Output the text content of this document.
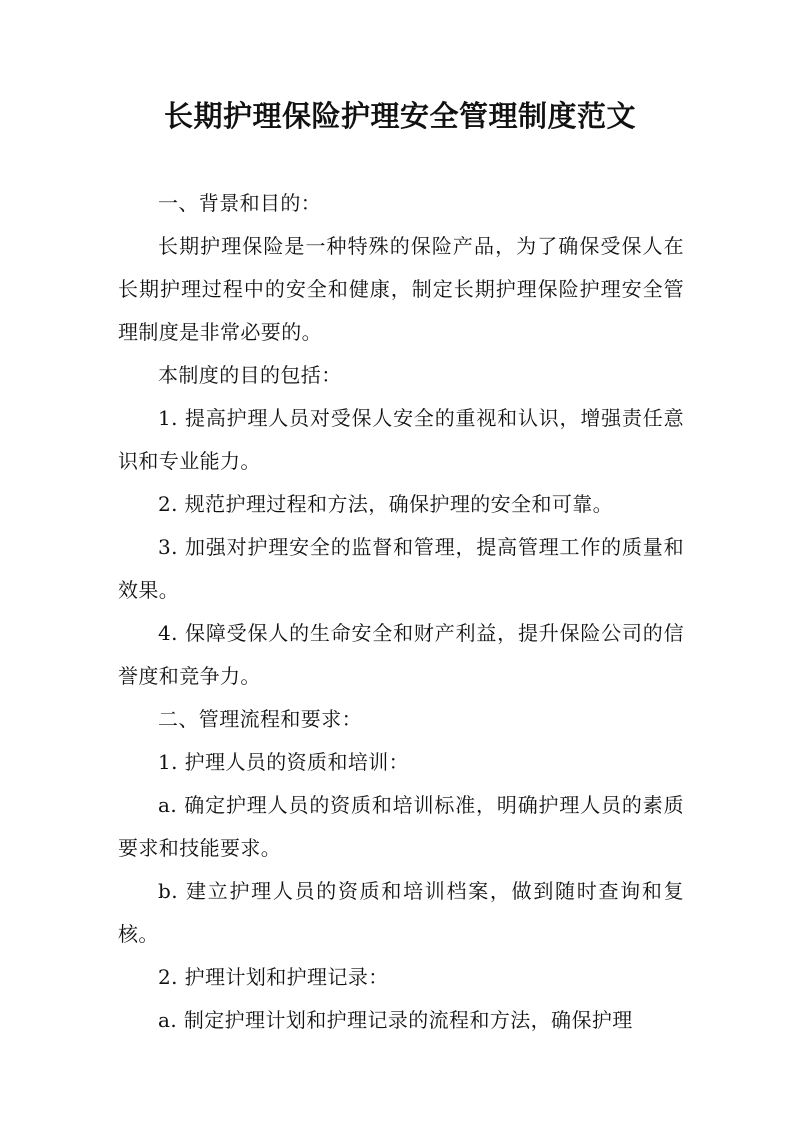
长期护理保险护理安全管理制度范文

一、背景和目的：

长期护理保险是一种特殊的保险产品，为了确保受保人在长期护理过程中的安全和健康，制定长期护理保险护理安全管理制度是非常必要的。

本制度的目的包括：

1. 提高护理人员对受保人安全的重视和认识，增强责任意识和专业能力。

2. 规范护理过程和方法，确保护理的安全和可靠。

3. 加强对护理安全的监督和管理，提高管理工作的质量和效果。

4. 保障受保人的生命安全和财产利益，提升保险公司的信誉度和竞争力。

二、管理流程和要求：

1. 护理人员的资质和培训：

a. 确定护理人员的资质和培训标准，明确护理人员的素质要求和技能要求。

b. 建立护理人员的资质和培训档案，做到随时查询和复核。

2. 护理计划和护理记录：

a. 制定护理计划和护理记录的流程和方法，确保护理
